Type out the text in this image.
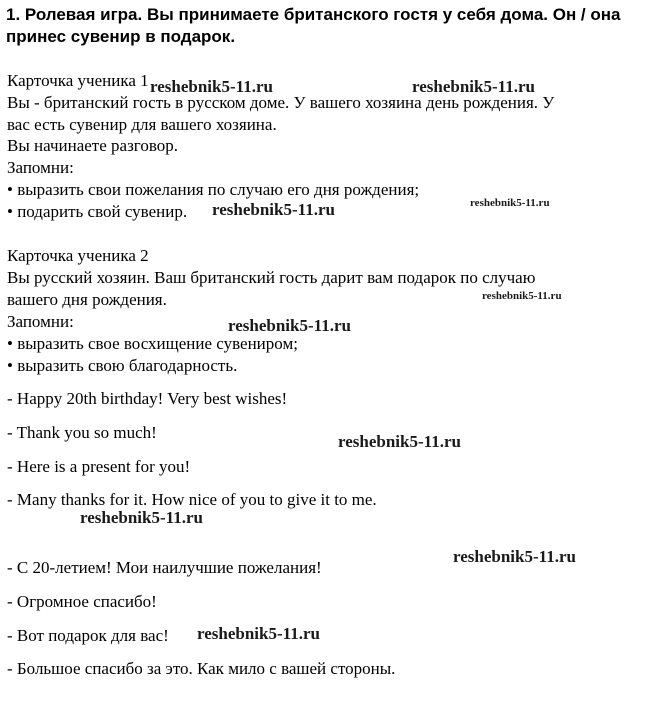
1. Ролевая игра. Вы принимаете британского гостя у себя дома. Он / она принес сувенир в подарок.

Карточка ученика 1

Вы - британский гость в русском доме. У вашего хозяина день рождения. У

вас есть сувенир для вашего хозяина.

Вы начинаете разговор.

Запомни:

• выразить свои пожелания по случаю его дня рождения;

• подарить свой сувенир.

Карточка ученика 2

Вы русский хозяин. Ваш британский гость дарит вам подарок по случаю

вашего дня рождения.

Запомни:

• выразить свое восхищение сувениром;

• выразить свою благодарность.

- Happy 20th birthday! Very best wishes!

- Thank you so much!

- Here is a present for you!

- Many thanks for it. How nice of you to give it to me.

- С 20-летием! Мои наилучшие пожелания!

- Огромное спасибо!

- Вот подарок для вас!

- Большое спасибо за это. Как мило с вашей стороны.

reshebnik5-11.ru	reshebnik5-11.ru
reshebnik5-11.ru
reshebnik5-11.ru
reshebnik5-11.ru
reshebnik5-11.ru
reshebnik5-11.ru
reshebnik5-11.ru
reshebnik5-11.ru
reshebnik5-11.ru
